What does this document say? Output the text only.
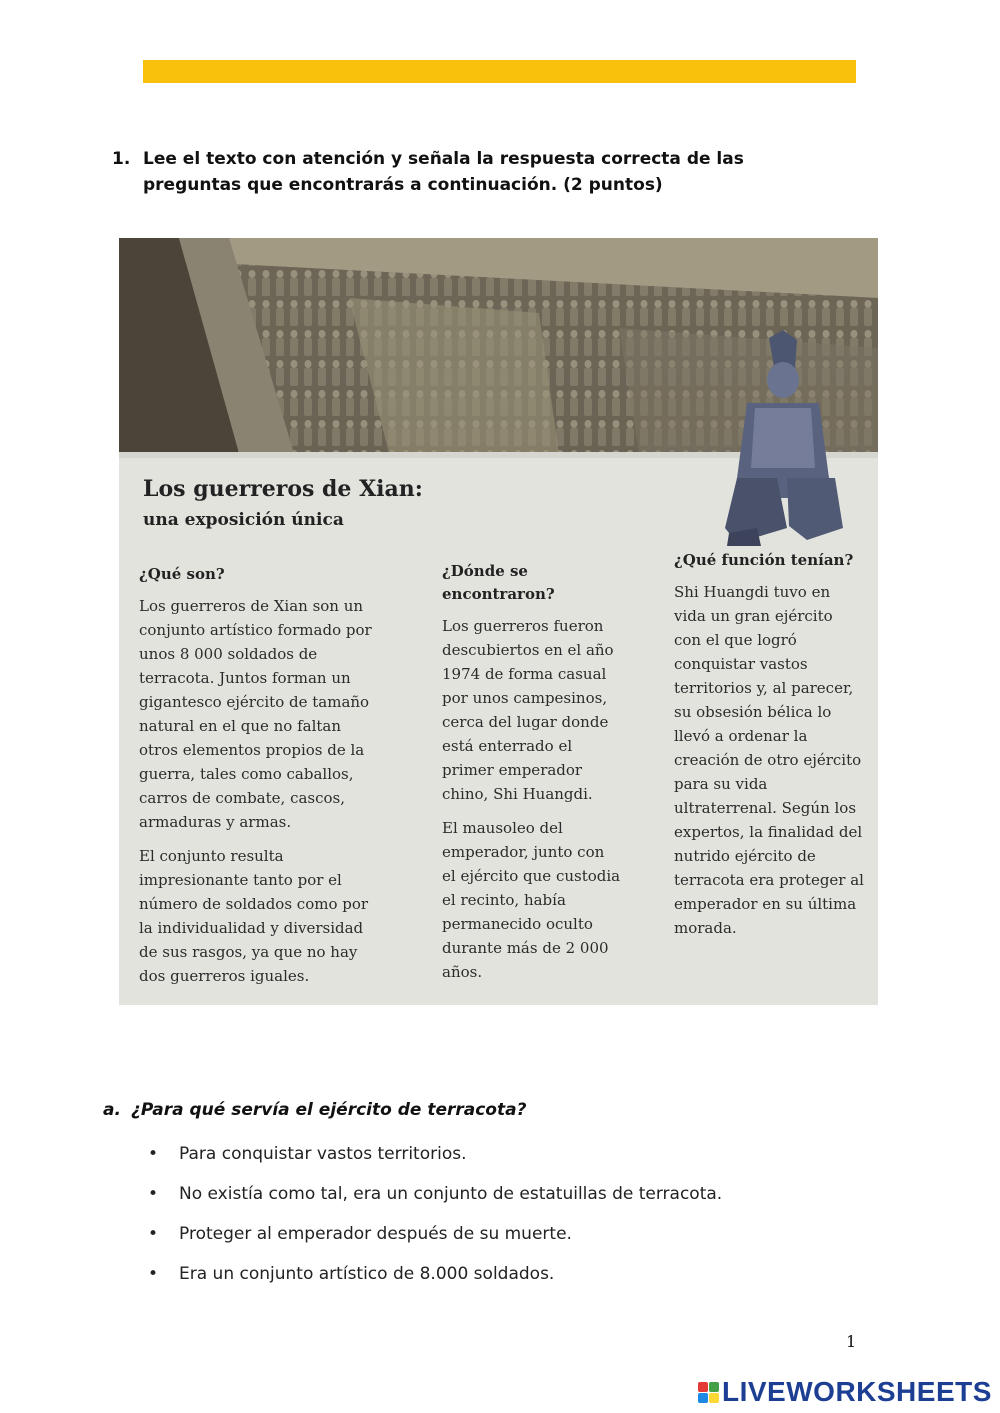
1. Lee el texto con atención y señala la respuesta correcta de las preguntas que encontrarás a continuación. (2 puntos)
Los guerreros de Xian:
una exposición única
¿Qué son?

Los guerreros de Xian son un conjunto artístico formado por unos 8 000 soldados de terracota. Juntos forman un gigantesco ejército de tamaño natural en el que no faltan otros elementos propios de la guerra, tales como caballos, carros de combate, cascos, armaduras y armas.

El conjunto resulta impresionante tanto por el número de soldados como por la individualidad y diversidad de sus rasgos, ya que no hay dos guerreros iguales.

¿Dónde se encontraron?

Los guerreros fueron descubiertos en el año 1974 de forma casual por unos campesinos, cerca del lugar donde está enterrado el primer emperador chino, Shi Huangdi.

El mausoleo del emperador, junto con el ejército que custodia el recinto, había permanecido oculto durante más de 2 000 años.

¿Qué función tenían?

Shi Huangdi tuvo en vida un gran ejército con el que logró conquistar vastos territorios y, al parecer, su obsesión bélica lo llevó a ordenar la creación de otro ejército para su vida ultraterrenal. Según los expertos, la finalidad del nutrido ejército de terracota era proteger al emperador en su última morada.

a. ¿Para qué servía el ejército de terracota?

• Para conquistar vastos territorios.
• No existía como tal, era un conjunto de estatuillas de terracota.
• Proteger al emperador después de su muerte.
• Era un conjunto artístico de 8.000 soldados.
1
LIVEWORKSHEETS
